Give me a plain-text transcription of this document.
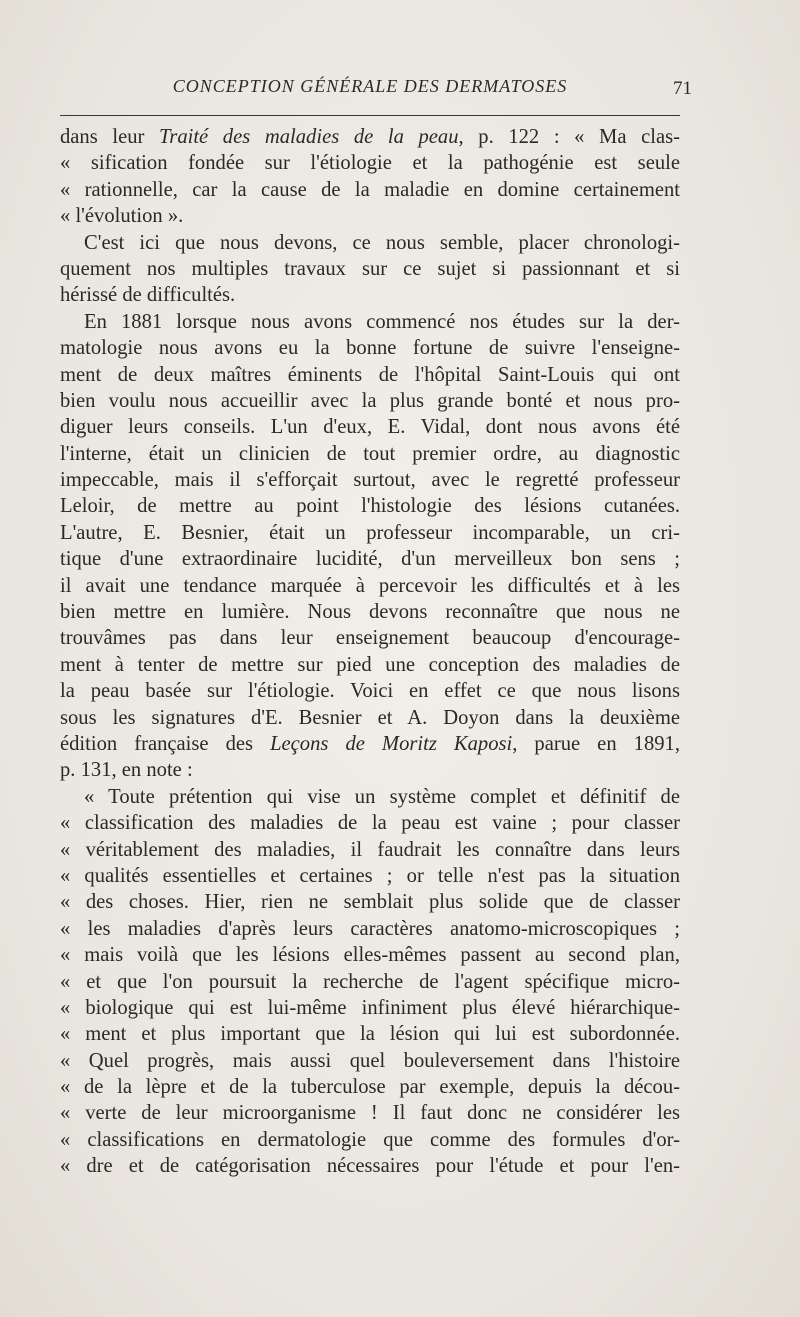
CONCEPTION GÉNÉRALE DES DERMATOSES	71
dans leur Traité des maladies de la peau, p. 122 : « Ma clas-
« sification fondée sur l'étiologie et la pathogénie est seule
« rationnelle, car la cause de la maladie en domine certainement
« l'évolution ».
C'est ici que nous devons, ce nous semble, placer chronologi-
quement nos multiples travaux sur ce sujet si passionnant et si
hérissé de difficultés.
En 1881 lorsque nous avons commencé nos études sur la der-
matologie nous avons eu la bonne fortune de suivre l'enseigne-
ment de deux maîtres éminents de l'hôpital Saint-Louis qui ont
bien voulu nous accueillir avec la plus grande bonté et nous pro-
diguer leurs conseils. L'un d'eux, E. Vidal, dont nous avons été
l'interne, était un clinicien de tout premier ordre, au diagnostic
impeccable, mais il s'efforçait surtout, avec le regretté professeur
Leloir, de mettre au point l'histologie des lésions cutanées.
L'autre, E. Besnier, était un professeur incomparable, un cri-
tique d'une extraordinaire lucidité, d'un merveilleux bon sens ;
il avait une tendance marquée à percevoir les difficultés et à les
bien mettre en lumière. Nous devons reconnaître que nous ne
trouvâmes pas dans leur enseignement beaucoup d'encourage-
ment à tenter de mettre sur pied une conception des maladies de
la peau basée sur l'étiologie. Voici en effet ce que nous lisons
sous les signatures d'E. Besnier et A. Doyon dans la deuxième
édition française des Leçons de Moritz Kaposi, parue en 1891,
p. 131, en note :
« Toute prétention qui vise un système complet et définitif de
« classification des maladies de la peau est vaine ; pour classer
« véritablement des maladies, il faudrait les connaître dans leurs
« qualités essentielles et certaines ; or telle n'est pas la situation
« des choses. Hier, rien ne semblait plus solide que de classer
« les maladies d'après leurs caractères anatomo-microscopiques ;
« mais voilà que les lésions elles-mêmes passent au second plan,
« et que l'on poursuit la recherche de l'agent spécifique micro-
« biologique qui est lui-même infiniment plus élevé hiérarchique-
« ment et plus important que la lésion qui lui est subordonnée.
« Quel progrès, mais aussi quel bouleversement dans l'histoire
« de la lèpre et de la tuberculose par exemple, depuis la décou-
« verte de leur microorganisme ! Il faut donc ne considérer les
« classifications en dermatologie que comme des formules d'or-
« dre et de catégorisation nécessaires pour l'étude et pour l'en-
